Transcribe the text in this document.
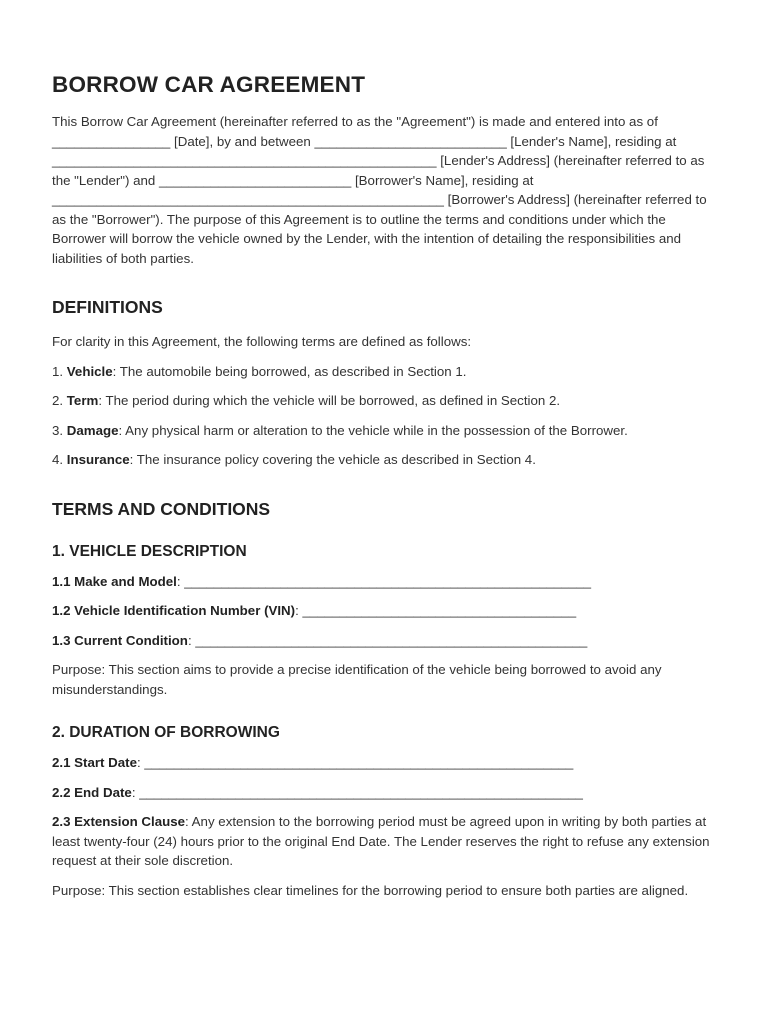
BORROW CAR AGREEMENT

This Borrow Car Agreement (hereinafter referred to as the "Agreement") is made and entered into as of ________________ [Date], by and between __________________________ [Lender's Name], residing at ____________________________________________________ [Lender's Address] (hereinafter referred to as the "Lender") and __________________________ [Borrower's Name], residing at _____________________________________________________ [Borrower's Address] (hereinafter referred to as the "Borrower"). The purpose of this Agreement is to outline the terms and conditions under which the Borrower will borrow the vehicle owned by the Lender, with the intention of detailing the responsibilities and liabilities of both parties.

DEFINITIONS

For clarity in this Agreement, the following terms are defined as follows:

1. Vehicle: The automobile being borrowed, as described in Section 1.

2. Term: The period during which the vehicle will be borrowed, as defined in Section 2.

3. Damage: Any physical harm or alteration to the vehicle while in the possession of the Borrower.

4. Insurance: The insurance policy covering the vehicle as described in Section 4.

TERMS AND CONDITIONS
1. VEHICLE DESCRIPTION

1.1 Make and Model: _______________________________________________________

1.2 Vehicle Identification Number (VIN): _____________________________________

1.3 Current Condition: _____________________________________________________

Purpose: This section aims to provide a precise identification of the vehicle being borrowed to avoid any misunderstandings.

2. DURATION OF BORROWING

2.1 Start Date: __________________________________________________________

2.2 End Date: ____________________________________________________________

2.3 Extension Clause: Any extension to the borrowing period must be agreed upon in writing by both parties at least twenty-four (24) hours prior to the original End Date. The Lender reserves the right to refuse any extension request at their sole discretion.

Purpose: This section establishes clear timelines for the borrowing period to ensure both parties are aligned.
